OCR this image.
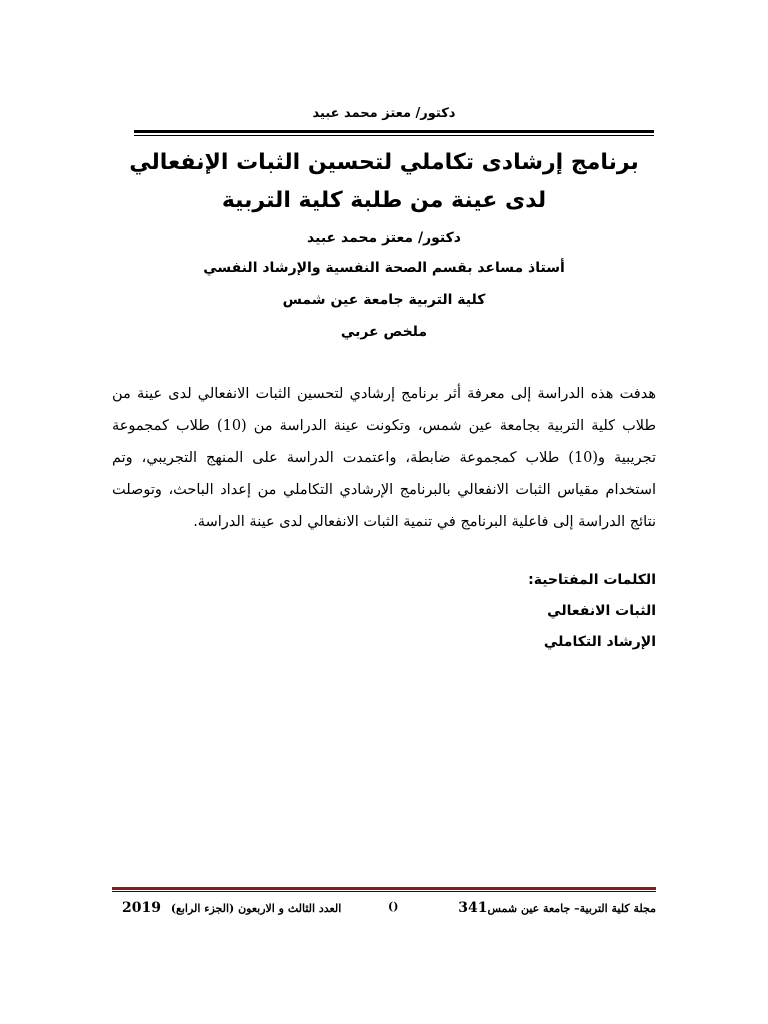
دكتور/ معتز محمد عبيد
برنامج إرشادى تكاملي لتحسين الثبات الإنفعالي
لدى عينة من طلبة كلية التربية
دكتور/ معتز محمد عبيد
أستاذ مساعد بقسم الصحة النفسية والإرشاد النفسي
كلية التربية جامعة عين شمس
ملخص عربي

هدفت هذه الدراسة إلى معرفة أثر برنامج إرشادي لتحسين الثبات الانفعالي لدى عينة من طلاب كلية التربية بجامعة عين شمس، وتكونت عينة الدراسة من (10) طلاب كمجموعة تجريبية و(10) طلاب كمجموعة ضابطة، واعتمدت الدراسة على المنهج التجريبي، وتم استخدام مقياس الثبات الانفعالي بالبرنامج الإرشادي التكاملي من إعداد الباحث، وتوصلت نتائج الدراسة إلى فاعلية البرنامج في تنمية الثبات الانفعالي لدى عينة الدراسة.

الكلمات المفتاحية:
الثبات الانفعالي
الإرشاد التكاملي
مجلة كلية التربية– جامعة عين شمس341
()
2019 العدد الثالث و الاربعون (الجزء الرابع)
